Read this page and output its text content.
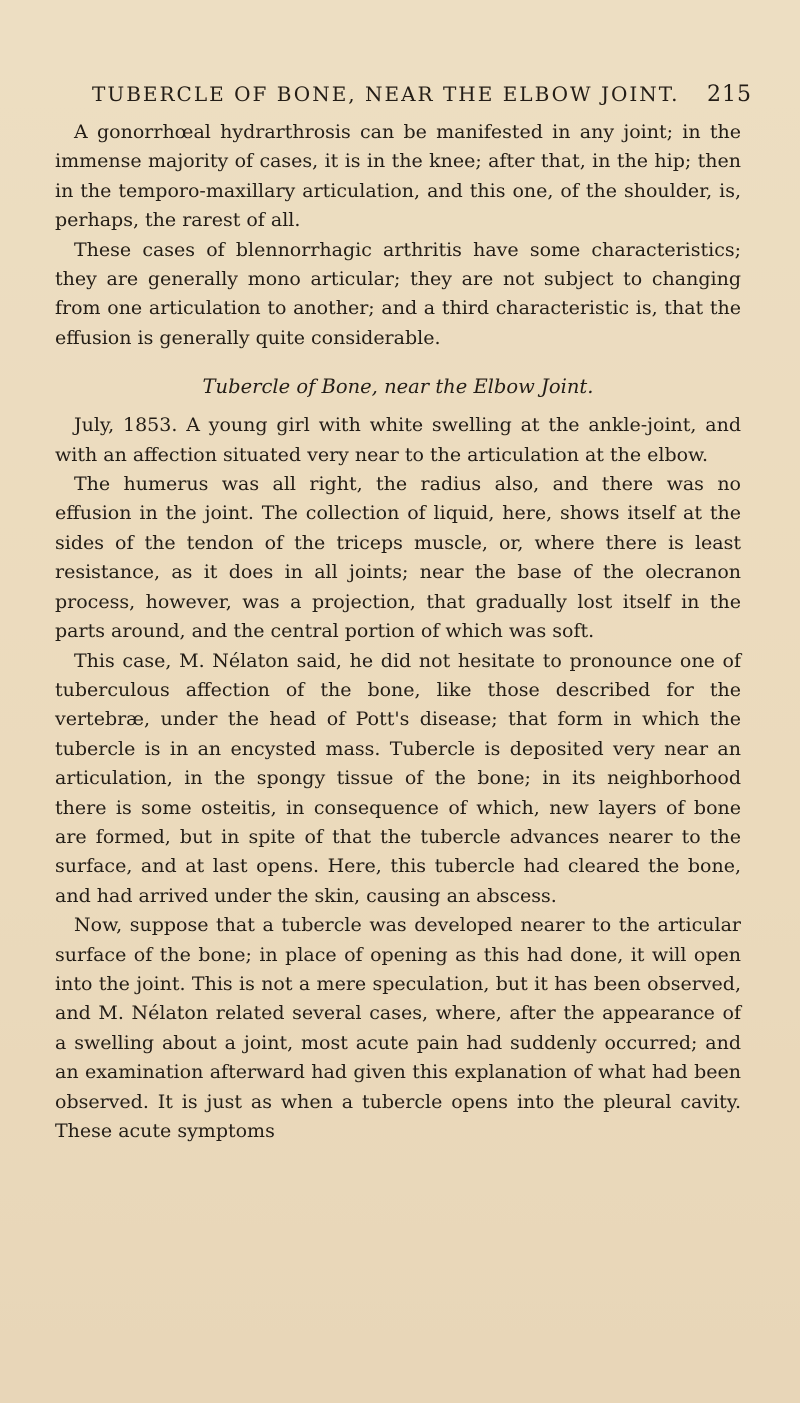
TUBERCLE OF BONE, NEAR THE ELBOW JOINT. 215

A gonorrhœal hydrarthrosis can be manifested in any joint; in the immense majority of cases, it is in the knee; after that, in the hip; then in the temporo-maxillary articulation, and this one, of the shoulder, is, perhaps, the rarest of all.

These cases of blennorrhagic arthritis have some characteristics; they are generally mono articular; they are not subject to changing from one articulation to another; and a third characteristic is, that the effusion is generally quite considerable.

Tubercle of Bone, near the Elbow Joint.

July, 1853. A young girl with white swelling at the ankle-joint, and with an affection situated very near to the articulation at the elbow.

The humerus was all right, the radius also, and there was no effusion in the joint. The collection of liquid, here, shows itself at the sides of the tendon of the triceps muscle, or, where there is least resistance, as it does in all joints; near the base of the olecranon process, however, was a projection, that gradually lost itself in the parts around, and the central portion of which was soft.

This case, M. Nélaton said, he did not hesitate to pronounce one of tuberculous affection of the bone, like those described for the vertebræ, under the head of Pott's disease; that form in which the tubercle is in an encysted mass. Tubercle is deposited very near an articulation, in the spongy tissue of the bone; in its neighborhood there is some osteitis, in consequence of which, new layers of bone are formed, but in spite of that the tubercle advances nearer to the surface, and at last opens. Here, this tubercle had cleared the bone, and had arrived under the skin, causing an abscess.

Now, suppose that a tubercle was developed nearer to the articular surface of the bone; in place of opening as this had done, it will open into the joint. This is not a mere speculation, but it has been observed, and M. Nélaton related several cases, where, after the appearance of a swelling about a joint, most acute pain had suddenly occurred; and an examination afterward had given this explanation of what had been observed. It is just as when a tubercle opens into the pleural cavity. These acute symptoms
